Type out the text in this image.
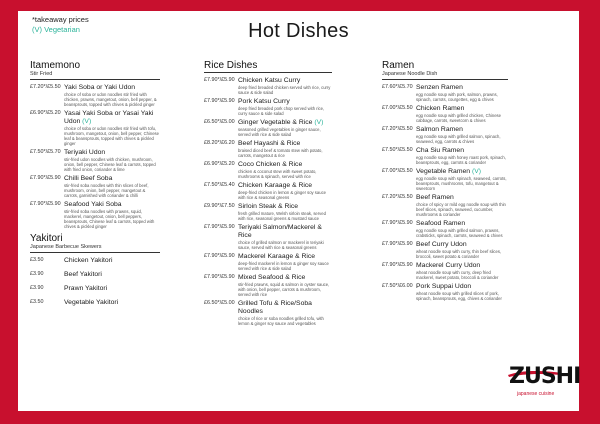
*takeaway prices
(V) Vegetarian	Hot Dishes
Itamemono
Stir Fried
£7.20*/£5.50 Yaki Soba or Yaki Udon
choice of soba or udon noodles stir fried with chicken, prawns, mangetout, onion, bell pepper, & beansprouts, topped with chives & pickled ginger
£6.90*/£5.20 Yasai Yaki Soba or Yasai Yaki Udon (V)
choice of soba or udon noodles stir fried with tofu, mushroom, mangetout, onion, bell pepper, Chinese leaf & beansprouts, topped with chives & pickled ginger
£7.50*/£5.70 Teriyaki Udon
stir-fried udon noodles with chicken, mushroom, onion, bell pepper, Chinese leaf & carrots, topped with fried onion, coriander & lime
£7.90*/£5.90 Chilli Beef Soba
stir-fried soba noodles with thin slices of beef, mushroom, onion, bell pepper, mangetout & carrots, garnished with coriander & chilli
£7.90*/£5.90 Seafood Yaki Soba
stir-fried soba noodles with prawns, squid, mackerel, mangetout, onion, bell peppers, beansprouts, Chinese leaf & carrots, topped with chives & pickled ginger
Yakitori
Japanese Barbecue Skewers
£3.50	Chicken Yakitori
£3.90	Beef Yakitori
£3.90	Prawn Yakitori
£3.50	Vegetable Yakitori
Rice Dishes
£7.90*/£5.90 Chicken Katsu Curry
deep fried breaded chicken served with rice, curry sauce & side salad
£7.90*/£5.90 Pork Katsu Curry
deep fried breaded pork chop served with rice, curry sauce & side salad
£6.50*/£5.00 Ginger Vegetable & Rice (V)
seasoned grilled vegetables in ginger sauce, served with rice & side salad
£8.20*/£6.20 Beef Hayashi & Rice
braised diced beef & tomato stew with potato, carrots, mangetout & rice
£6.90*/£5.20 Coco Chicken & Rice
chicken & coconut stew with sweet potato, mushrooms & spinach, served with rice
£7.50*/£5.40 Chicken Karaage & Rice
deep-fried chicken in lemon & ginger soy sauce with rice & seasonal greens
£9.90*/£7.50 Sirloin Steak & Rice
fresh grilled mature, Welsh sirloin steak, served with rice, seasonal greens & mustard sauce
£7.90*/£5.90 Teriyaki Salmon/Mackerel & Rice
choice of grilled salmon or mackerel in teriyaki sauce, served with rice & seasonal greens
£7.90*/£5.90 Mackerel Karaage & Rice
deep-fried mackerel in lemon & ginger soy sauce served with rice & side salad
£7.90*/£5.90 Mixed Seafood & Rice
stir-fried prawns, squid & salmon in oyster sauce, with onion, bell pepper, carrots & mushroom, served with rice
£6.50*/£5.00 Grilled Tofu & Rice/Soba Noodles
choice of rice or soba noodles grilled tofu, with lemon & ginger soy sauce and vegetables
Ramen
Japanese Noodle Dish
£7.60*/£5.70 Senzen Ramen
egg noodle soup with pork, salmon, prawns, spinach, carrots, courgettes, egg & chives
£7.00*/£5.50 Chicken Ramen
egg noodle soup with grilled chicken, Chinese cabbage, carrots, sweetcorn & chives
£7.20*/£5.50 Salmon Ramen
egg noodle soup with grilled salmon, spinach, seaweed, egg, carrots & chives
£7.50*/£5.50 Cha Siu Ramen
egg noodle soup with honey roast pork, spinach, beansprouts, egg, carrots & coriander
£7.00*/£5.50 Vegetable Ramen (V)
egg noodle soup with spinach, seaweed, carrots, beansprouts, mushrooms, tofu, mangetout & sweetcorn
£7.20*/£5.50 Beef Ramen
choice of spicy or mild egg noodle soup with thin beef slices, spinach, seaweed, cucumber, mushrooms & coriander
£7.90*/£5.90 Seafood Ramen
egg noodle soup with grilled salmon, prawns, crabsticks, spinach, carrots, seaweed & chives
£7.90*/£5.90 Beef Curry Udon
wheat noodle soup with curry, thin beef slices, broccoli, sweet potato & coriander
£7.90*/£5.90 Mackerel Curry Udon
wheat noodle soup with curry, deep fried mackerel, sweet potato, broccoli & coriander
£7.50*/£6.00 Pork Suppai Udon
wheat noodle soup with grilled slices of pork, spinach, beansprouts, egg, chives & coriander
ZUSHI
japanese cuisine
